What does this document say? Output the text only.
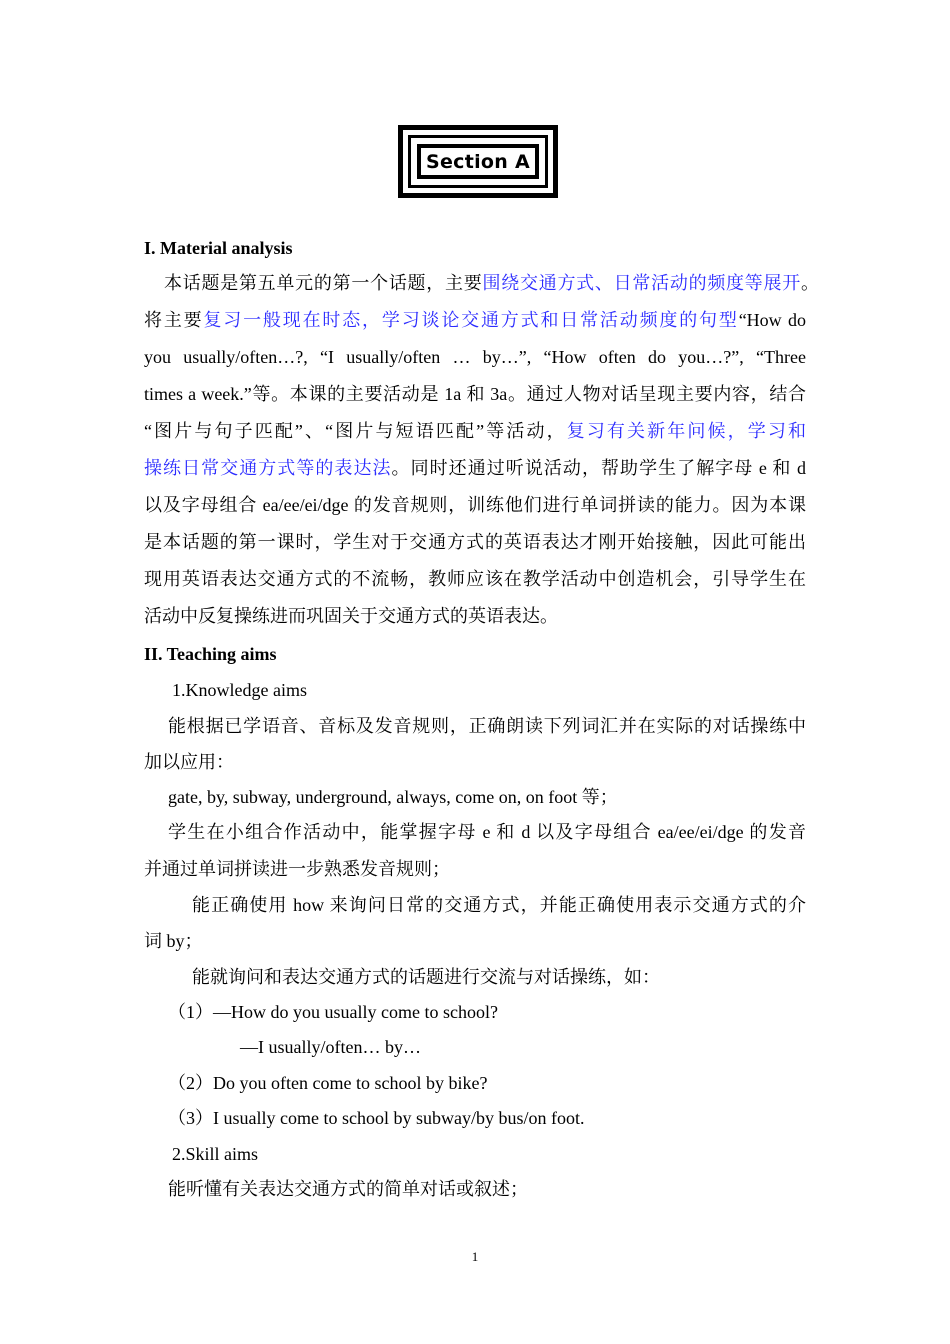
Section A
I. Material analysis
本话题是第五单元的第一个话题，主要围绕交通方式、日常活动的频度等展开。
将主要复习一般现在时态，学习谈论交通方式和日常活动频度的句型“How do
you usually/often…?, “I usually/often … by…”, “How often do you…?”, “Three
times a week.”等。本课的主要活动是 1a 和 3a。通过人物对话呈现主要内容，结合
“图片与句子匹配”、“图片与短语匹配”等活动，复习有关新年问候，学习和
操练日常交通方式等的表达法。同时还通过听说活动，帮助学生了解字母 e 和 d
以及字母组合 ea/ee/ei/dge 的发音规则，训练他们进行单词拼读的能力。因为本课
是本话题的第一课时，学生对于交通方式的英语表达才刚开始接触，因此可能出
现用英语表达交通方式的不流畅，教师应该在教学活动中创造机会，引导学生在
活动中反复操练进而巩固关于交通方式的英语表达。
II. Teaching aims
1.Knowledge aims
能根据已学语音、音标及发音规则，正确朗读下列词汇并在实际的对话操练中
加以应用：
gate, by, subway, underground, always, come on, on foot 等；
学生在小组合作活动中，能掌握字母 e 和 d 以及字母组合 ea/ee/ei/dge 的发音
并通过单词拼读进一步熟悉发音规则；
能正确使用 how 来询问日常的交通方式，并能正确使用表示交通方式的介
词 by；
能就询问和表达交通方式的话题进行交流与对话操练，如：
（1）—How do you usually come to school?
—I usually/often… by…
（2）Do you often come to school by bike?
（3）I usually come to school by subway/by bus/on foot.
2.Skill aims
能听懂有关表达交通方式的简单对话或叙述；
1
